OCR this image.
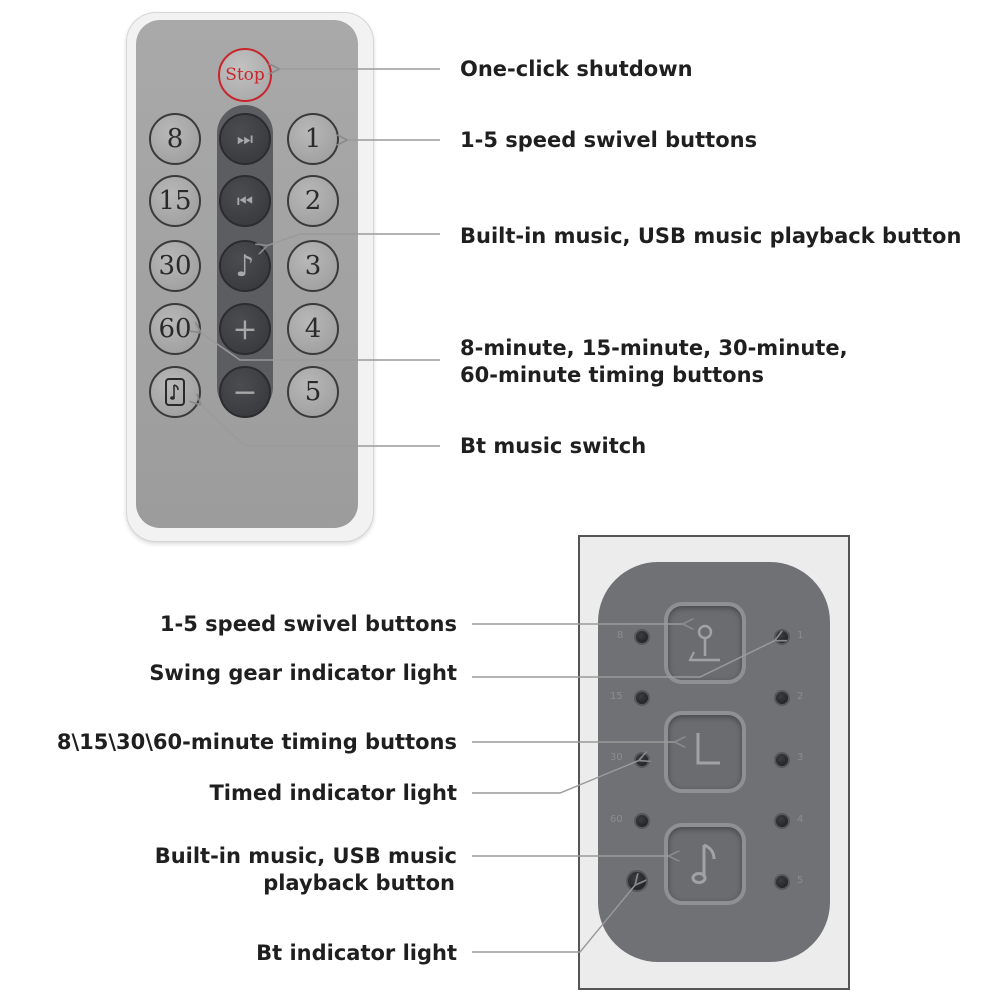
Stop
8
15
30
60
⏭
⏮
♪
+
−
1
2
3
4
5
One-click shutdown
1-5 speed swivel buttons
Built-in music, USB music playback button
8-minute, 15-minute, 30-minute,
60-minute timing buttons
Bt music switch
8
15
30
60
1
2
3
4
5
1-5 speed swivel buttons
Swing gear indicator light
8\15\30\60-minute timing buttons
Timed indicator light
Built-in music, USB music
playback button
Bt indicator light
